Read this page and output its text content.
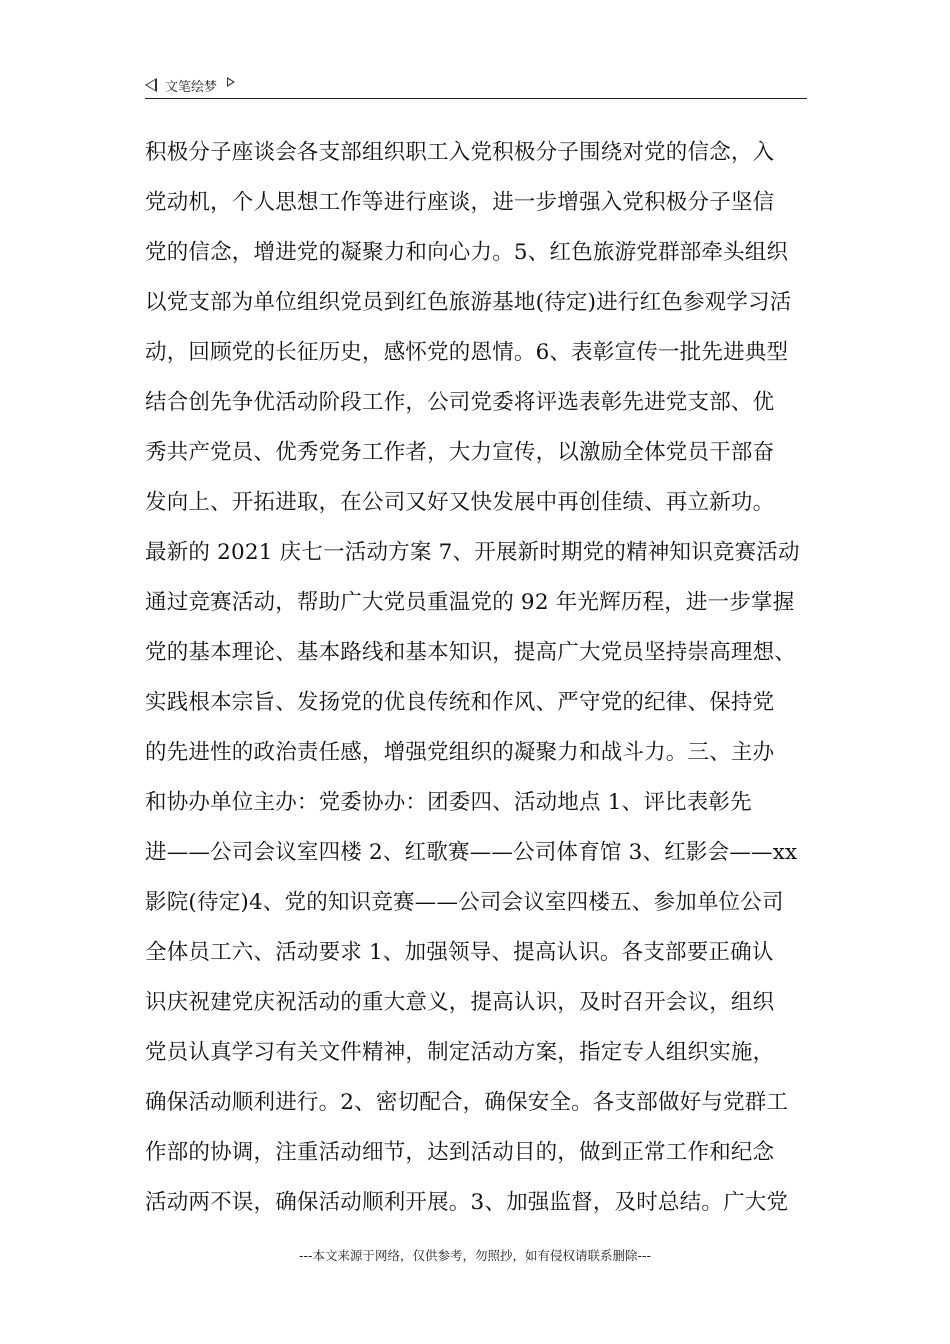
文笔绘梦
积极分子座谈会各支部组织职工入党积极分子围绕对党的信念，入
党动机，个人思想工作等进行座谈，进一步增强入党积极分子坚信
党的信念，增进党的凝聚力和向心力。5、红色旅游党群部牵头组织
以党支部为单位组织党员到红色旅游基地(待定)进行红色参观学习活
动，回顾党的长征历史，感怀党的恩情。6、表彰宣传一批先进典型
结合创先争优活动阶段工作，公司党委将评选表彰先进党支部、优
秀共产党员、优秀党务工作者，大力宣传，以激励全体党员干部奋
发向上、开拓进取，在公司又好又快发展中再创佳绩、再立新功。
最新的 2021 庆七一活动方案 7、开展新时期党的精神知识竞赛活动
通过竞赛活动，帮助广大党员重温党的 92 年光辉历程，进一步掌握
党的基本理论、基本路线和基本知识，提高广大党员坚持崇高理想、
实践根本宗旨、发扬党的优良传统和作风、严守党的纪律、保持党
的先进性的政治责任感，增强党组织的凝聚力和战斗力。三、主办
和协办单位主办：党委协办：团委四、活动地点 1、评比表彰先
进——公司会议室四楼 2、红歌赛——公司体育馆 3、红影会——xx
影院(待定)4、党的知识竞赛——公司会议室四楼五、参加单位公司
全体员工六、活动要求 1、加强领导、提高认识。各支部要正确认
识庆祝建党庆祝活动的重大意义，提高认识，及时召开会议，组织
党员认真学习有关文件精神，制定活动方案，指定专人组织实施，
确保活动顺利进行。2、密切配合，确保安全。各支部做好与党群工
作部的协调，注重活动细节，达到活动目的，做到正常工作和纪念
活动两不误，确保活动顺利开展。3、加强监督，及时总结。广大党
---本文来源于网络，仅供参考，勿照抄，如有侵权请联系删除---
